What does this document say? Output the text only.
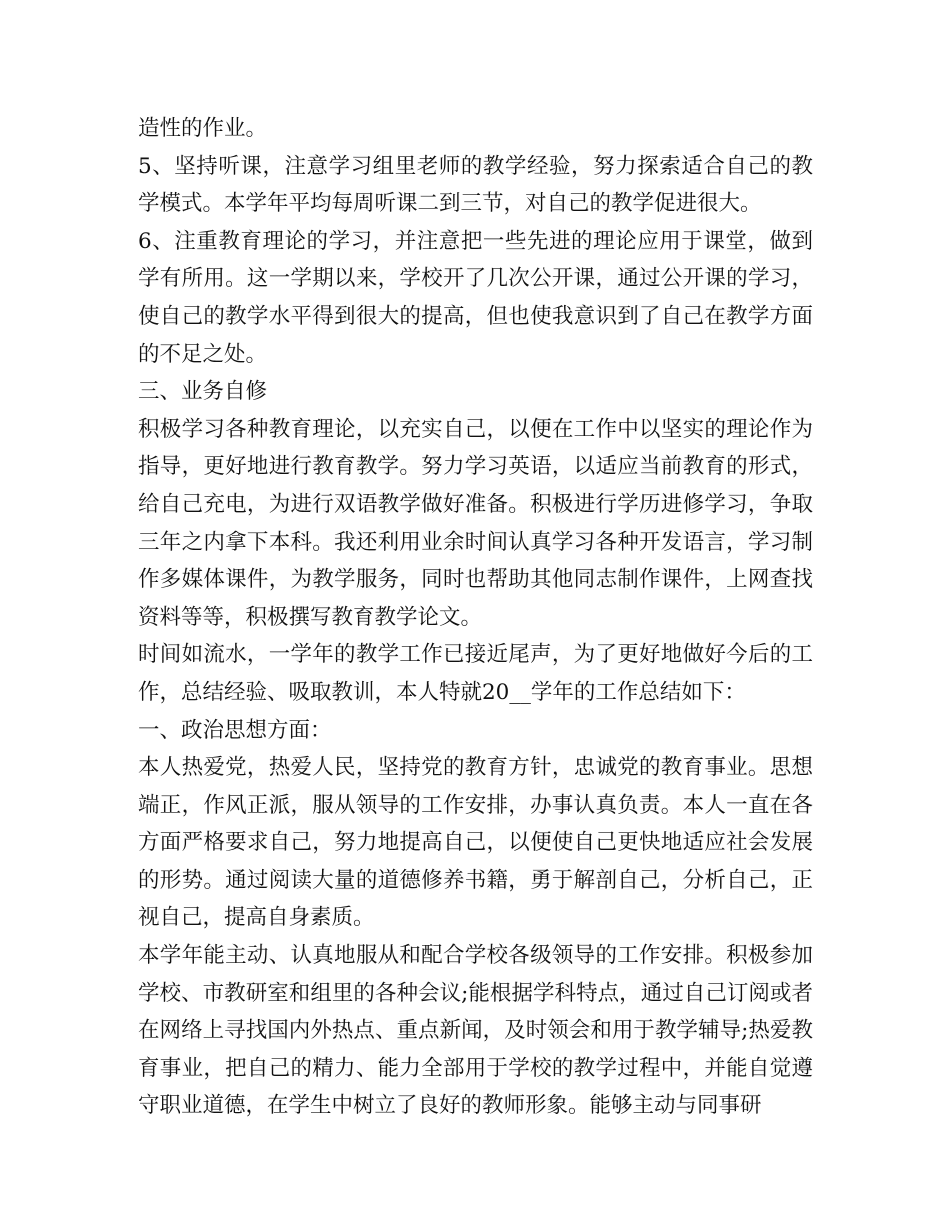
造性的作业。

5、坚持听课，注意学习组里老师的教学经验，努力探索适合自己的教学模式。本学年平均每周听课二到三节，对自己的教学促进很大。

6、注重教育理论的学习，并注意把一些先进的理论应用于课堂，做到学有所用。这一学期以来，学校开了几次公开课，通过公开课的学习，使自己的教学水平得到很大的提高，但也使我意识到了自己在教学方面的不足之处。

三、业务自修

积极学习各种教育理论，以充实自己，以便在工作中以坚实的理论作为指导，更好地进行教育教学。努力学习英语，以适应当前教育的形式，给自己充电，为进行双语教学做好准备。积极进行学历进修学习，争取三年之内拿下本科。我还利用业余时间认真学习各种开发语言，学习制作多媒体课件，为教学服务，同时也帮助其他同志制作课件，上网查找资料等等，积极撰写教育教学论文。

时间如流水，一学年的教学工作已接近尾声，为了更好地做好今后的工作，总结经验、吸取教训，本人特就20__学年的工作总结如下：

一、政治思想方面：

本人热爱党，热爱人民，坚持党的教育方针，忠诚党的教育事业。思想端正，作风正派，服从领导的工作安排，办事认真负责。本人一直在各方面严格要求自己，努力地提高自己，以便使自己更快地适应社会发展的形势。通过阅读大量的道德修养书籍，勇于解剖自己，分析自己，正视自己，提高自身素质。

本学年能主动、认真地服从和配合学校各级领导的工作安排。积极参加学校、市教研室和组里的各种会议;能根据学科特点，通过自己订阅或者在网络上寻找国内外热点、重点新闻，及时领会和用于教学辅导;热爱教育事业，把自己的精力、能力全部用于学校的教学过程中，并能自觉遵守职业道德，在学生中树立了良好的教师形象。能够主动与同事研
